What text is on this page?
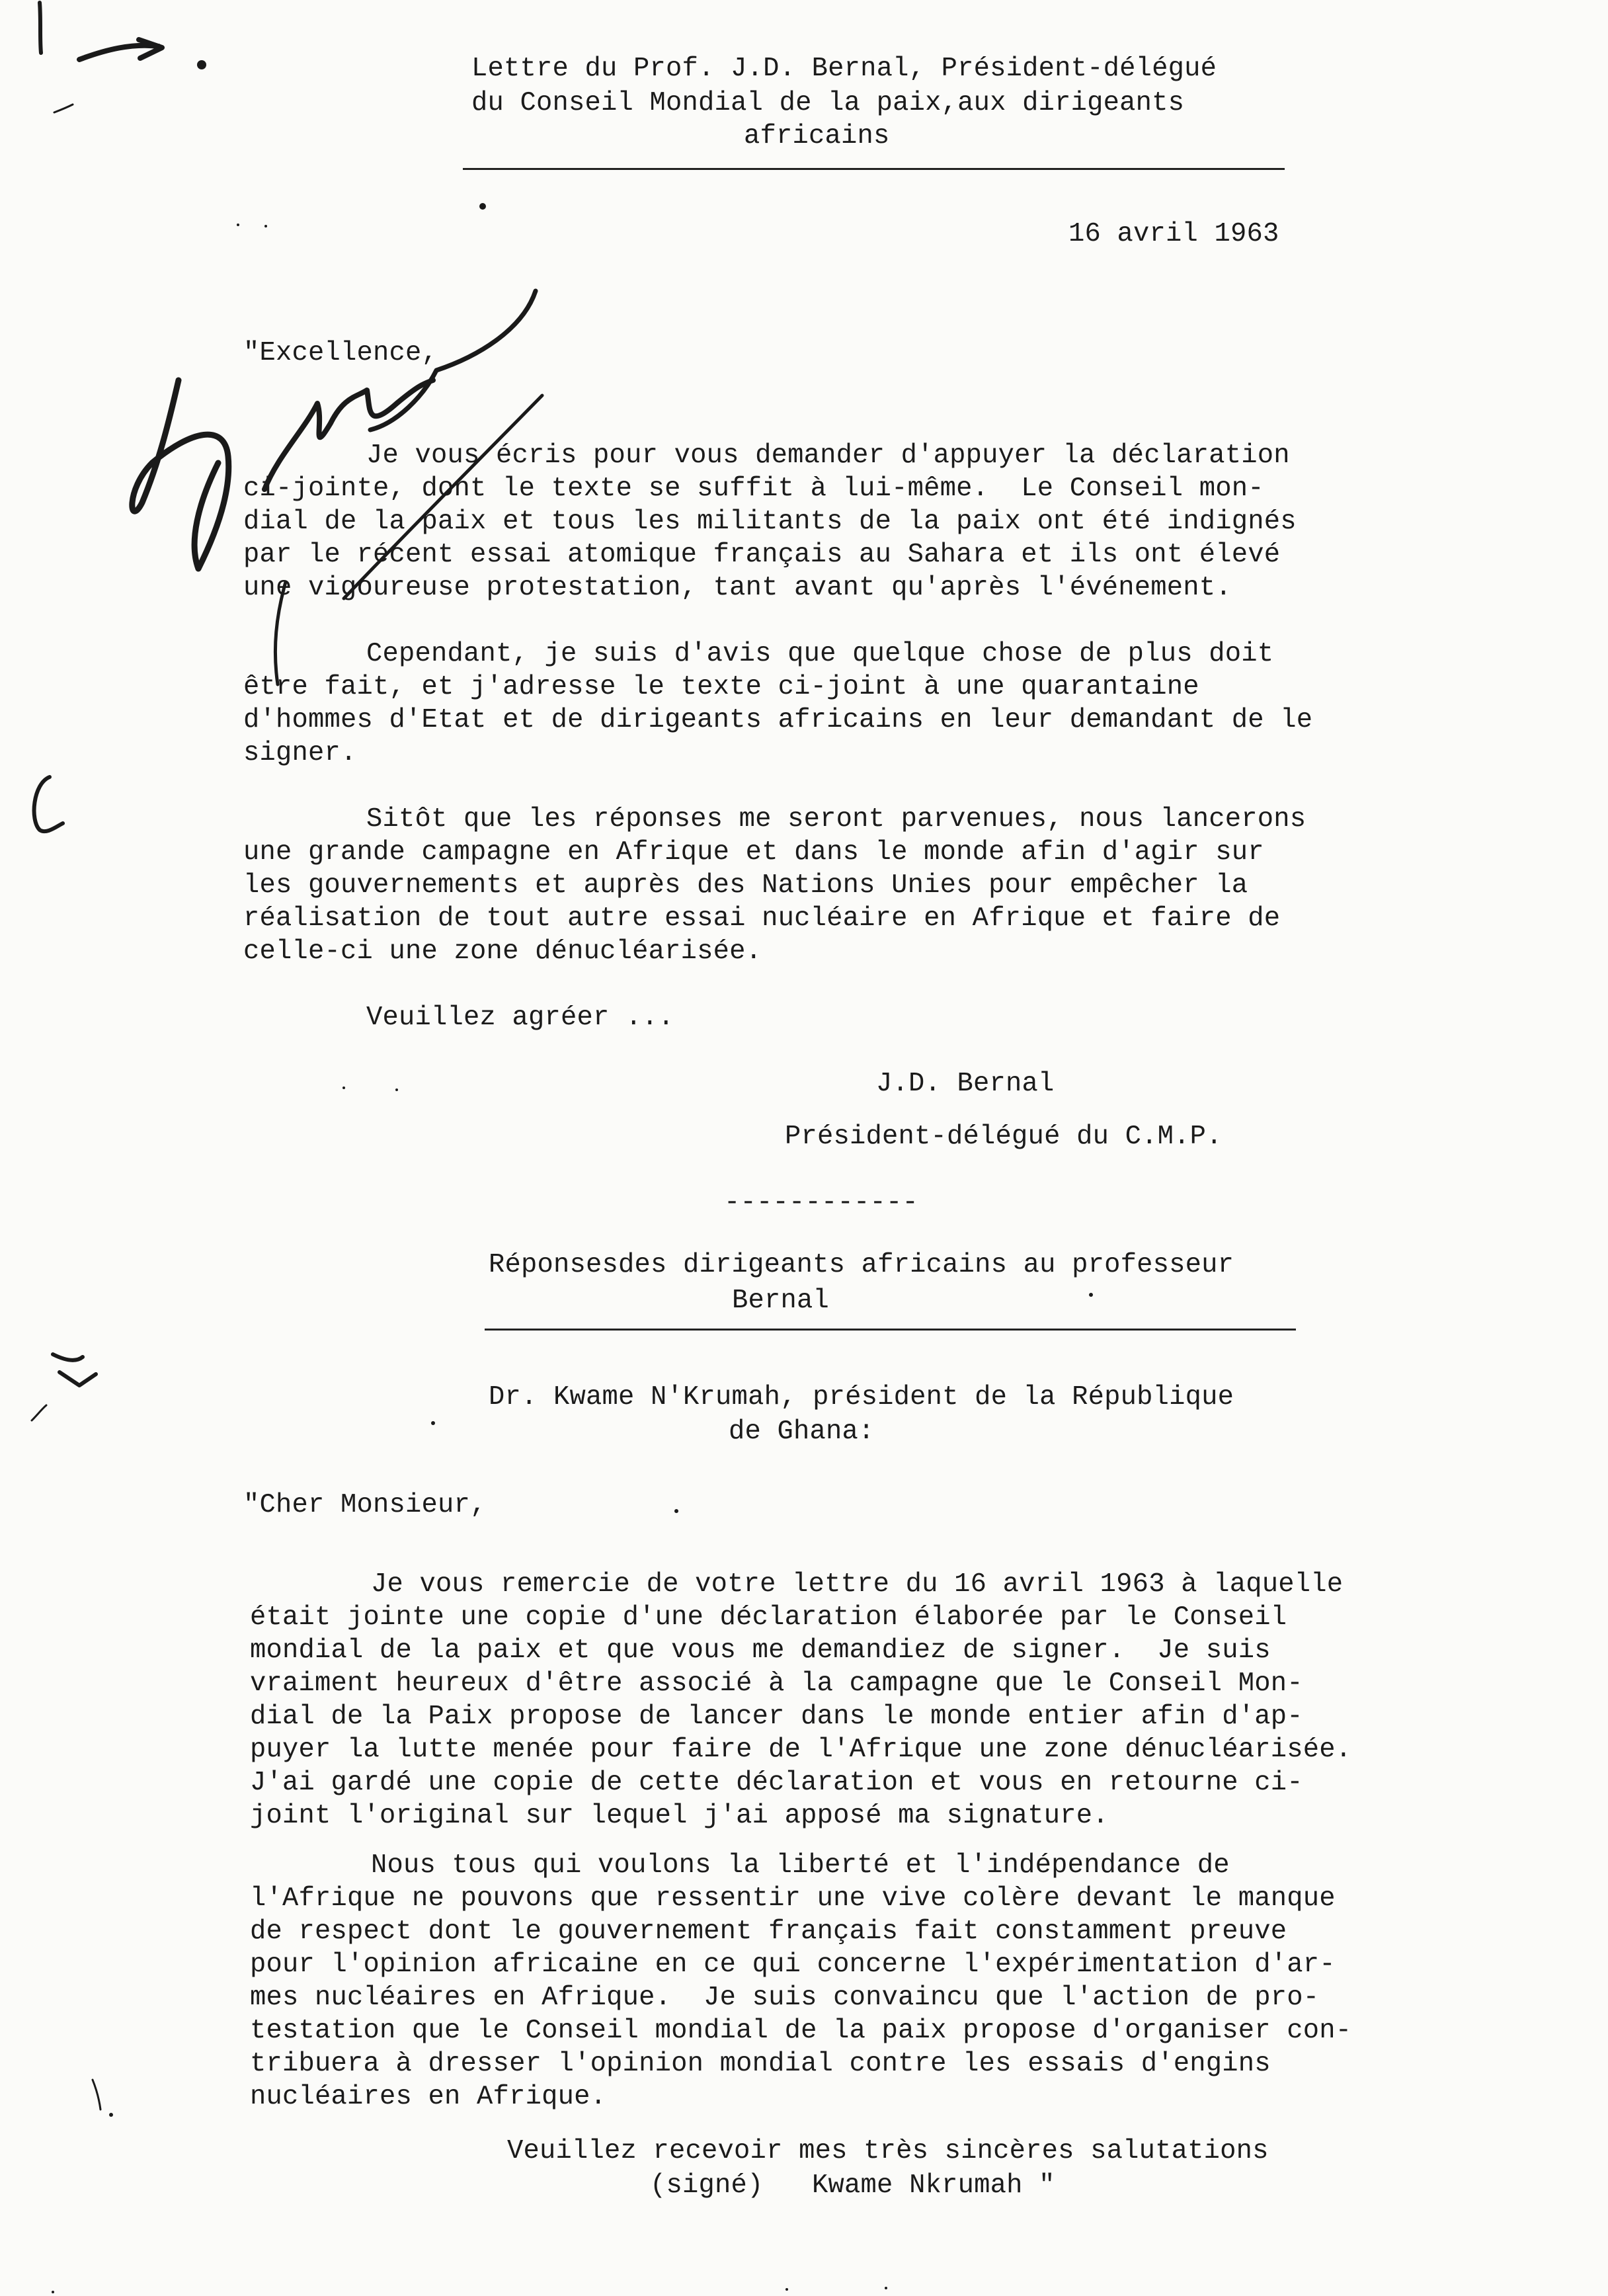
Lettre du Prof. J.D. Bernal, Président-délégué
du Conseil Mondial de la paix,aux dirigeants
africains
16 avril 1963
"Excellence,
Je vous écris pour vous demander d'appuyer la déclaration
ci-jointe, dont le texte se suffit à lui-même.  Le Conseil mon-
dial de la paix et tous les militants de la paix ont été indignés
par le récent essai atomique français au Sahara et ils ont élevé
une vigoureuse protestation, tant avant qu'après l'événement.
Cependant, je suis d'avis que quelque chose de plus doit
être fait, et j'adresse le texte ci-joint à une quarantaine
d'hommes d'Etat et de dirigeants africains en leur demandant de le
signer.
Sitôt que les réponses me seront parvenues, nous lancerons
une grande campagne en Afrique et dans le monde afin d'agir sur
les gouvernements et auprès des Nations Unies pour empêcher la
réalisation de tout autre essai nucléaire en Afrique et faire de
celle-ci une zone dénucléarisée.
Veuillez agréer ...
J.D. Bernal
Président-délégué du C.M.P.
------------
Réponsesdes dirigeants africains au professeur
Bernal
Dr. Kwame N'Krumah, président de la République
de Ghana:
"Cher Monsieur,
Je vous remercie de votre lettre du 16 avril 1963 à laquelle
était jointe une copie d'une déclaration élaborée par le Conseil
mondial de la paix et que vous me demandiez de signer.  Je suis
vraiment heureux d'être associé à la campagne que le Conseil Mon-
dial de la Paix propose de lancer dans le monde entier afin d'ap-
puyer la lutte menée pour faire de l'Afrique une zone dénucléarisée.
J'ai gardé une copie de cette déclaration et vous en retourne ci-
joint l'original sur lequel j'ai apposé ma signature.
Nous tous qui voulons la liberté et l'indépendance de
l'Afrique ne pouvons que ressentir une vive colère devant le manque
de respect dont le gouvernement français fait constamment preuve
pour l'opinion africaine en ce qui concerne l'expérimentation d'ar-
mes nucléaires en Afrique.  Je suis convaincu que l'action de pro-
testation que le Conseil mondial de la paix propose d'organiser con-
tribuera à dresser l'opinion mondial contre les essais d'engins
nucléaires en Afrique.
Veuillez recevoir mes très sincères salutations
(signé)   Kwame Nkrumah "
